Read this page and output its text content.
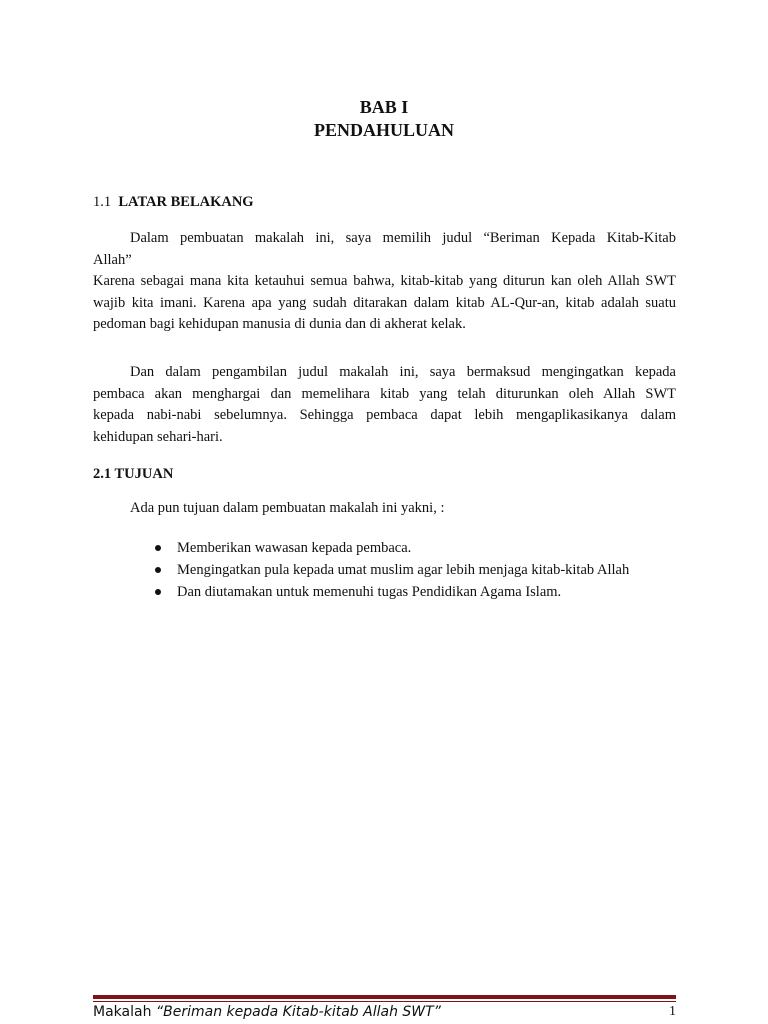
BAB I
PENDAHULUAN
1.1 LATAR BELAKANG
Dalam pembuatan makalah ini, saya memilih judul “Beriman Kepada Kitab-Kitab
Allah”
Karena sebagai mana kita ketauhui semua bahwa, kitab-kitab yang diturun kan oleh Allah SWT
wajib kita imani. Karena apa yang sudah ditarakan dalam kitab AL-Qur-an, kitab adalah suatu
pedoman bagi kehidupan manusia di dunia dan di akherat kelak.
Dan dalam pengambilan judul makalah ini, saya bermaksud mengingatkan kepada
pembaca akan menghargai dan memelihara kitab yang telah diturunkan oleh Allah SWT
kepada nabi-nabi sebelumnya. Sehingga pembaca dapat lebih mengaplikasikanya dalam
kehidupan sehari-hari.
2.1 TUJUAN
Ada pun tujuan dalam pembuatan makalah ini yakni, :
Memberikan wawasan kepada pembaca.
Mengingatkan pula kepada umat muslim agar lebih menjaga kitab-kitab Allah
Dan diutamakan untuk memenuhi tugas Pendidikan Agama Islam.
Makalah “Beriman kepada Kitab-kitab Allah SWT”	1
